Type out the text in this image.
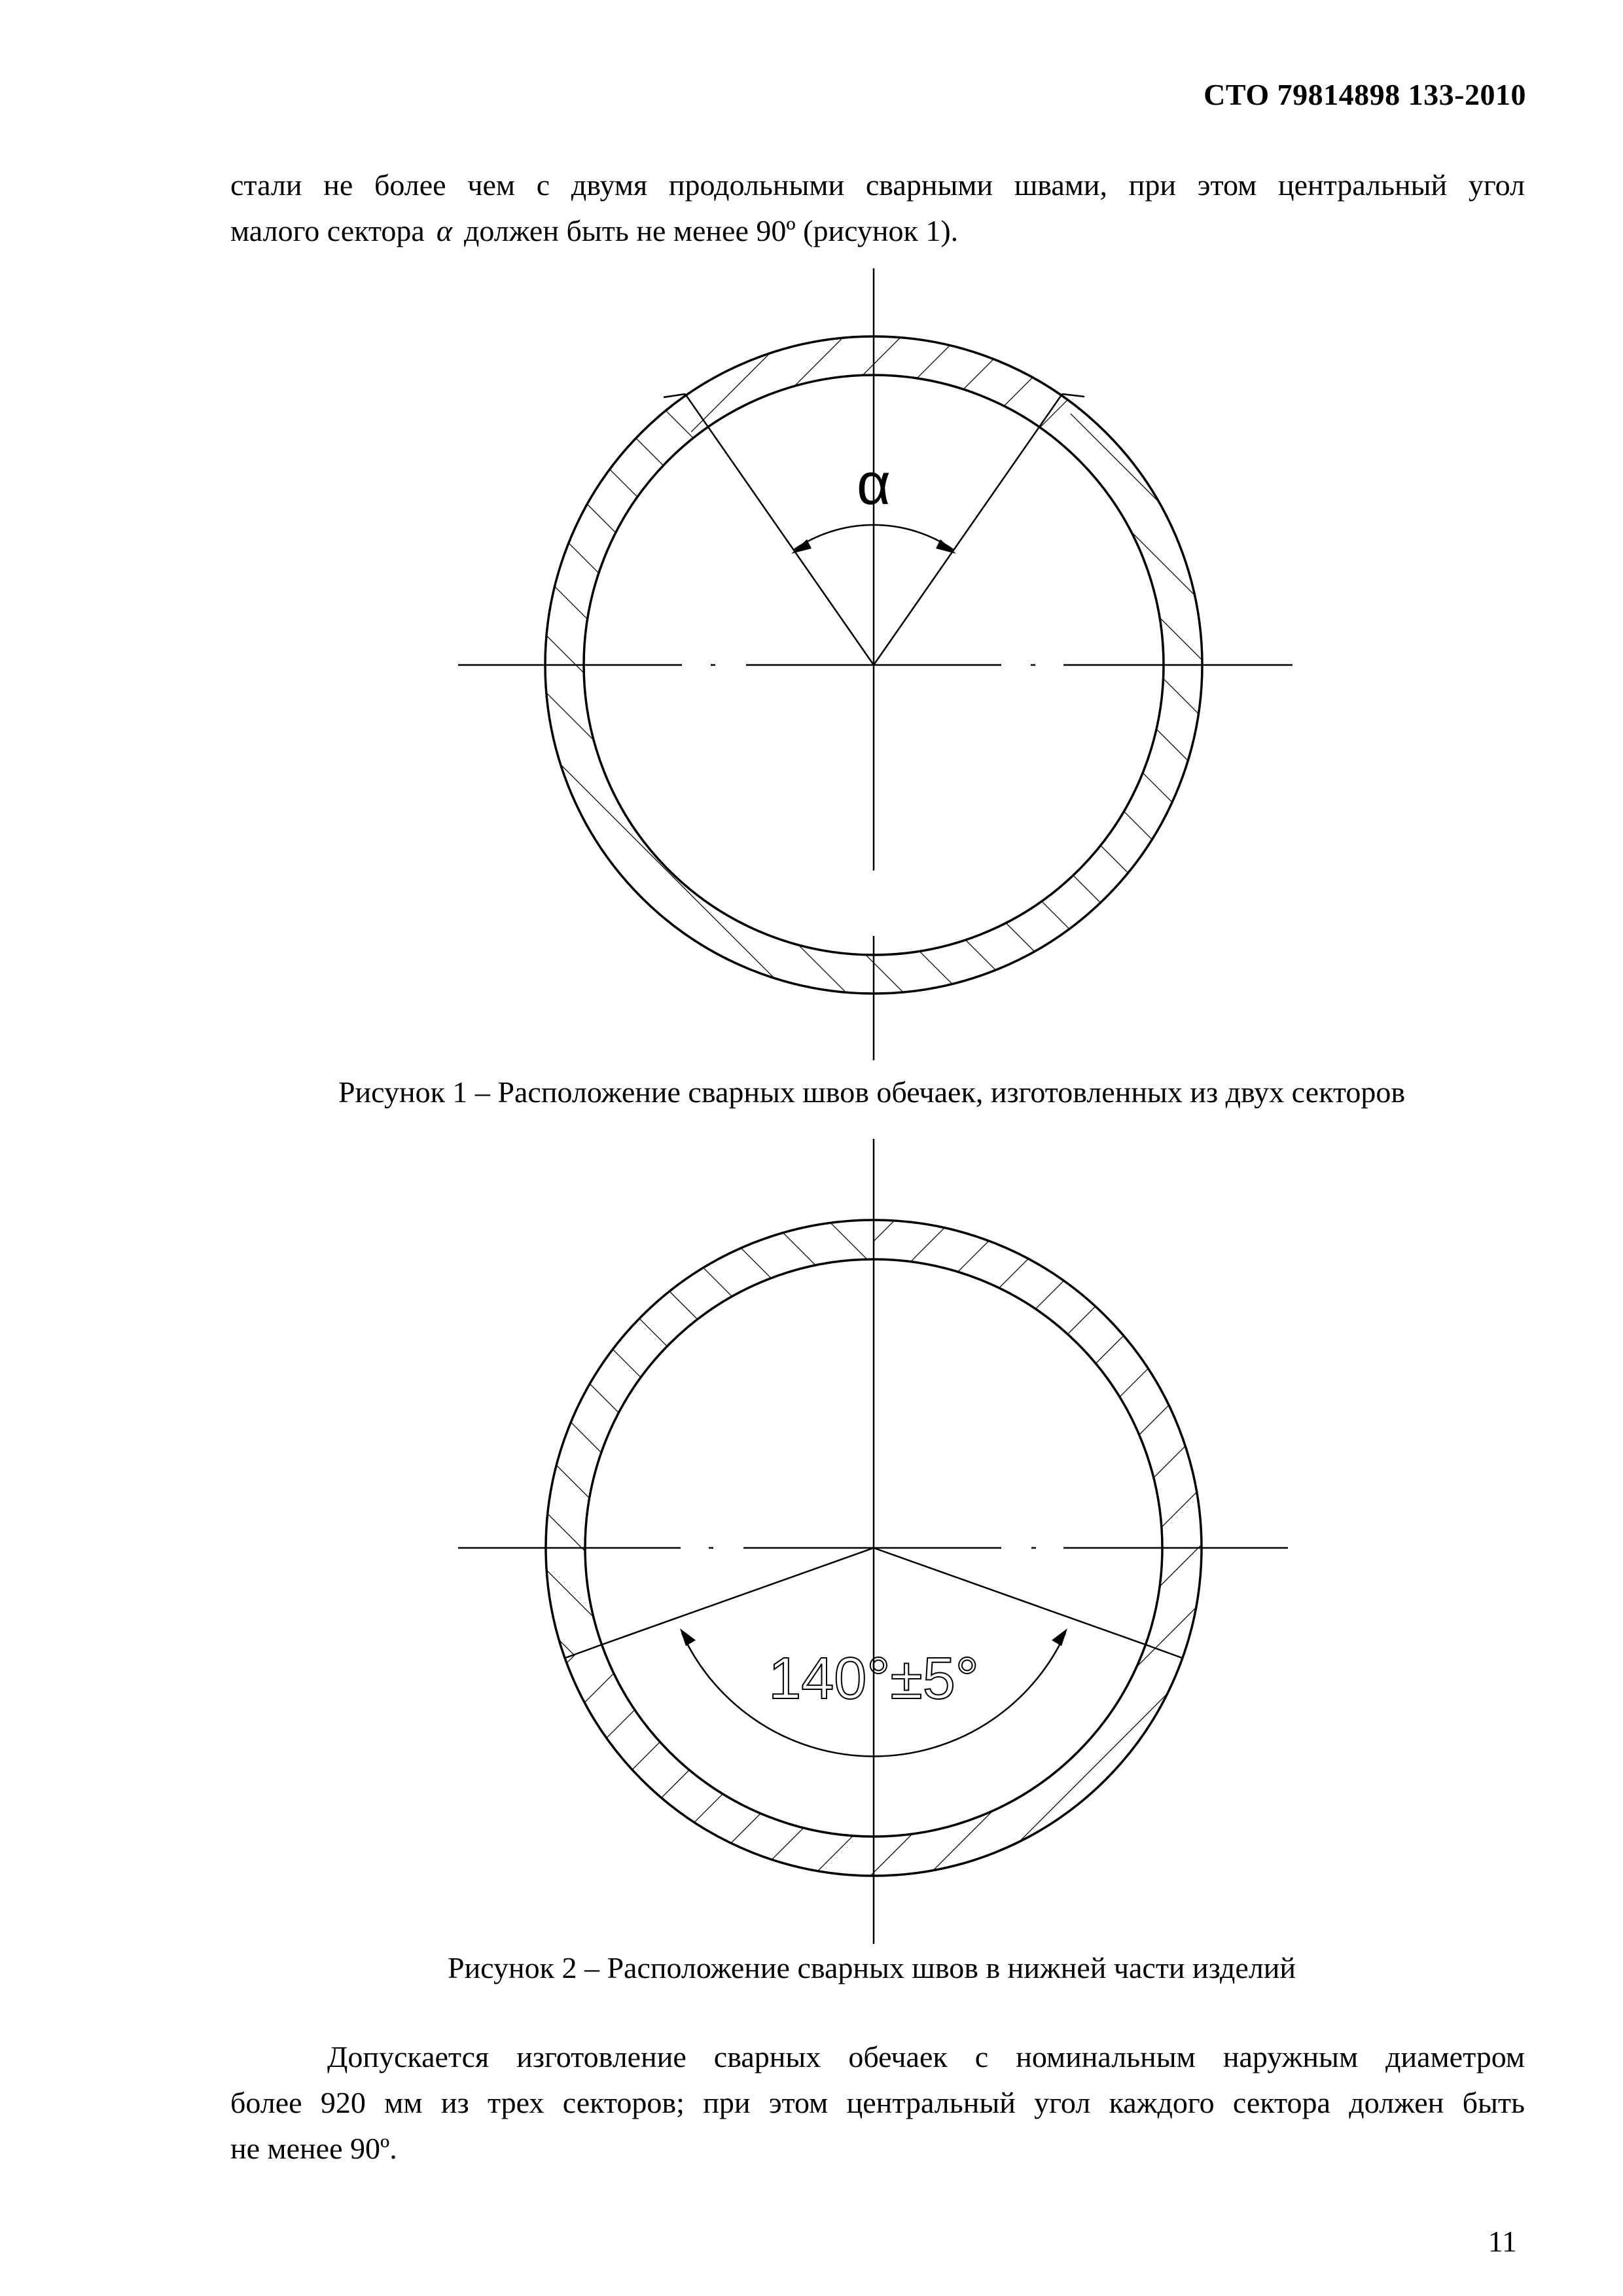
СТО 79814898 133-2010
стали не более чем с двумя продольными сварными швами, при этом центральный угол
малого сектора α должен быть не менее 90º (рисунок 1).
α
Рисунок 1 – Расположение сварных швов обечаек, изготовленных из двух секторов
140°±5°
Рисунок 2 – Расположение сварных швов в нижней части изделий
Допускается изготовление сварных обечаек с номинальным наружным диаметром
более 920 мм из трех секторов; при этом центральный угол каждого сектора должен быть
не менее 90º.
11
